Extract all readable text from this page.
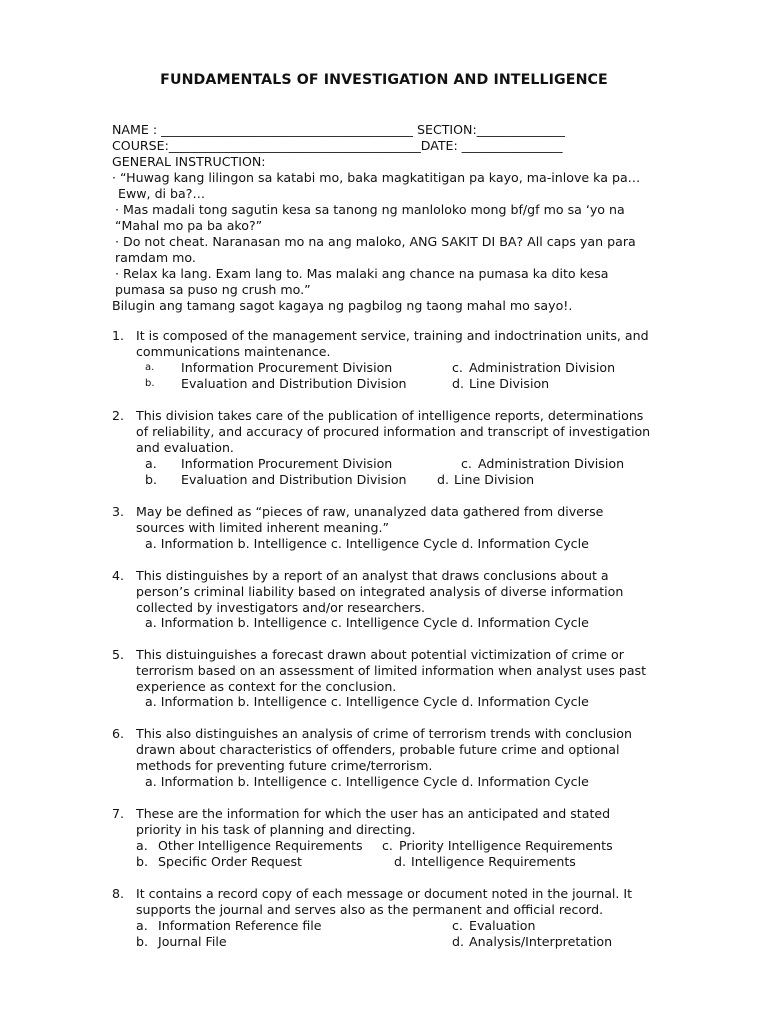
FUNDAMENTALS OF INVESTIGATION AND INTELLIGENCE
NAME : ________________________________________ SECTION:______________
COURSE:________________________________________DATE: ________________
GENERAL INSTRUCTION:
· “Huwag kang lilingon sa katabi mo, baka magkatitigan pa kayo, ma-inlove ka pa…
Eww, di ba?…
· Mas madali tong sagutin kesa sa tanong ng manloloko mong bf/gf mo sa ‘yo na
“Mahal mo pa ba ako?”
· Do not cheat. Naranasan mo na ang maloko, ANG SAKIT DI BA? All caps yan para
ramdam mo.
· Relax ka lang. Exam lang to. Mas malaki ang chance na pumasa ka dito kesa
pumasa sa puso ng crush mo.”
Bilugin ang tamang sagot kagaya ng pagbilog ng taong mahal mo sayo!.
1. It is composed of the management service, training and indoctrination units, and
communications maintenance.
a. Information Procurement Division	c. Administration Division
b. Evaluation and Distribution Division	d. Line Division
2. This division takes care of the publication of intelligence reports, determinations
of reliability, and accuracy of procured information and transcript of investigation
and evaluation.
a. Information Procurement Division	c. Administration Division
b. Evaluation and Distribution Division d. Line Division
3. May be defined as “pieces of raw, unanalyzed data gathered from diverse
sources with limited inherent meaning.”
a. Information b. Intelligence c. Intelligence Cycle d. Information Cycle
4. This distinguishes by a report of an analyst that draws conclusions about a
person’s criminal liability based on integrated analysis of diverse information
collected by investigators and/or researchers.
a. Information b. Intelligence c. Intelligence Cycle d. Information Cycle
5. This distuinguishes a forecast drawn about potential victimization of crime or
terrorism based on an assessment of limited information when analyst uses past
experience as context for the conclusion.
a. Information b. Intelligence c. Intelligence Cycle d. Information Cycle
6. This also distinguishes an analysis of crime of terrorism trends with conclusion
drawn about characteristics of offenders, probable future crime and optional
methods for preventing future crime/terrorism.
a. Information b. Intelligence c. Intelligence Cycle d. Information Cycle
7. These are the information for which the user has an anticipated and stated
priority in his task of planning and directing.
a. Other Intelligence Requirements c. Priority Intelligence Requirements
b. Specific Order Request	d. Intelligence Requirements
8. It contains a record copy of each message or document noted in the journal. It
supports the journal and serves also as the permanent and official record.
a. Information Reference file	c. Evaluation
b. Journal File	d. Analysis/Interpretation
